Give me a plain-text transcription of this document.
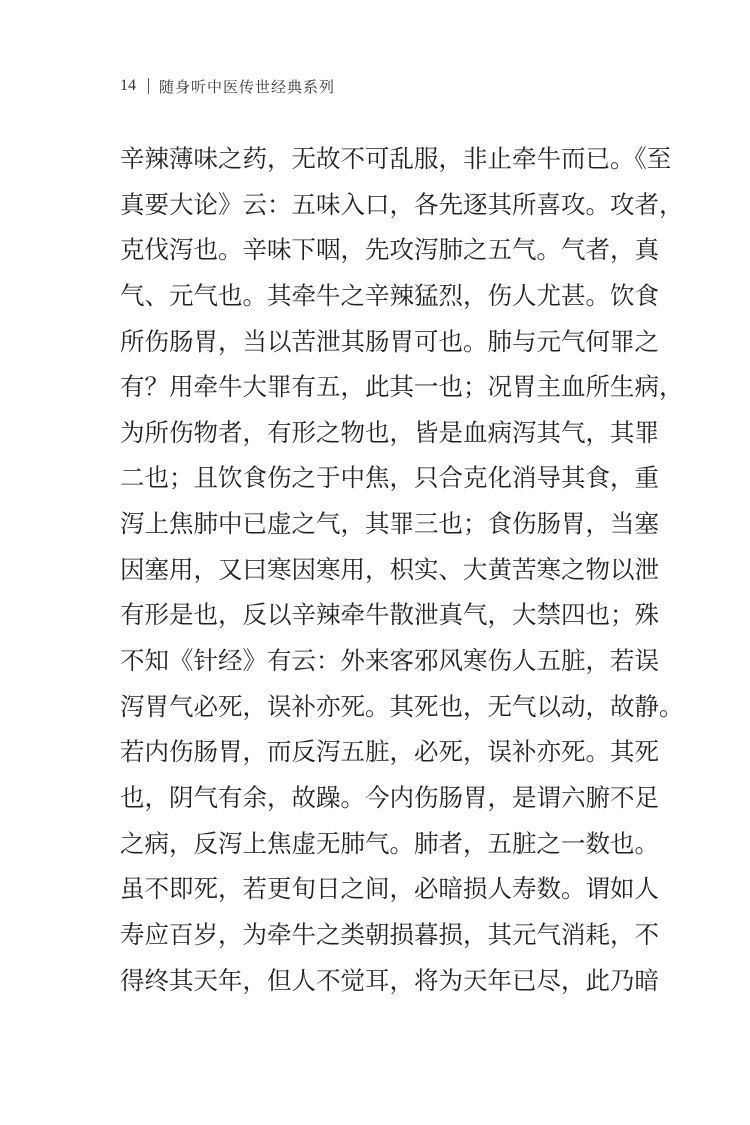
14 随身听中医传世经典系列
辛辣薄味之药，无故不可乱服，非止牵牛而已。《至
真要大论》云：五味入口，各先逐其所喜攻。攻者，
克伐泻也。辛味下咽，先攻泻肺之五气。气者，真
气、元气也。其牵牛之辛辣猛烈，伤人尤甚。饮食
所伤肠胃，当以苦泄其肠胃可也。肺与元气何罪之
有？用牵牛大罪有五，此其一也；况胃主血所生病，
为所伤物者，有形之物也，皆是血病泻其气，其罪
二也；且饮食伤之于中焦，只合克化消导其食，重
泻上焦肺中已虚之气，其罪三也；食伤肠胃，当塞
因塞用，又曰寒因寒用，枳实、大黄苦寒之物以泄
有形是也，反以辛辣牵牛散泄真气，大禁四也；殊
不知《针经》有云：外来客邪风寒伤人五脏，若误
泻胃气必死，误补亦死。其死也，无气以动，故静。
若内伤肠胃，而反泻五脏，必死，误补亦死。其死
也，阴气有余，故躁。今内伤肠胃，是谓六腑不足
之病，反泻上焦虚无肺气。肺者，五脏之一数也。
虽不即死，若更旬日之间，必暗损人寿数。谓如人
寿应百岁，为牵牛之类朝损暮损，其元气消耗，不
得终其天年，但人不觉耳，将为天年已尽，此乃暗
